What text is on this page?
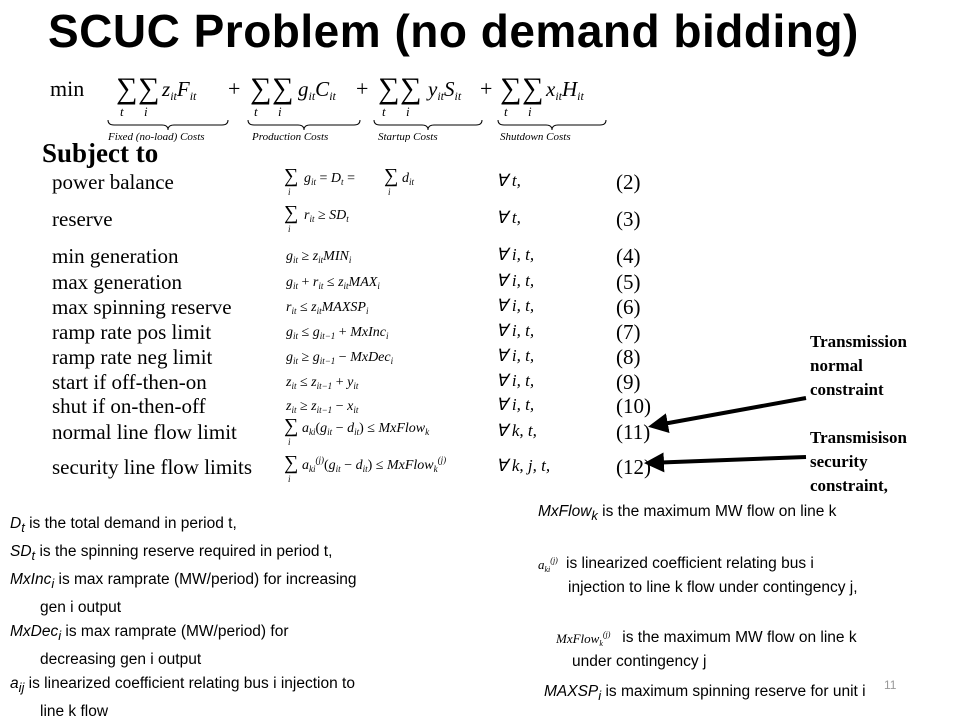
SCUC Problem (no demand bidding)
min ∑ ∑
t i
zitFit
Fixed (no-load) Costs
+ ∑ ∑
t i
gitCit
Production Costs
+ ∑ ∑
t i
yitSit
Startup Costs
+ ∑ ∑
t i
xitHit
Shutdown Costs
Subject to
power balance	∑
i
$g_{it} = D_t$ = ∑
i
$d_{it}$	∀ t,	(2)
reserve	∑
i
$r_{it} \ge SD_t$	∀ t,	(3)
min generation	$g_{it} \ge z_{it}MIN_i$	∀ i, t,	(4)
max generation	$g_{it} + r_{it} \le z_{it}MAX_i$	∀ i, t,	(5)
max spinning reserve	$r_{it}$ ≤ $z_{it}MAXSP_i$	∀ i, t,	(6)
ramp rate pos limit	$g_{it} \le g_{it-1}$ + MxInc$_i$	∀ i, t,	(7)
ramp rate neg limit	$g_{it} \ge g_{it-1}$ − MxDec$_i$	∀ i, t,	(8)
start if off-then-on	$z_{it} \le z_{it-1} + y_{it}$	∀ i, t,	(9)
shut if on-then-off	$z_{it} \ge z_{it-1} - x_{it}$	∀ i, t,	(10)
normal line flow limit ∑
i
$a_{ki}(g_{it} - d_{it})$ ≤ MxFlow$_k$	∀ k, t,	(11)
security line flow limits ∑
i
$a_{ki}^{(j)}(g_{it} - d_{it})$ ≤ MxFlow$_k^{(j)}$	∀ k, j, t,	(12)
Transmission
normal
constraint
Transmisison
security
constraint,
$D_t$ is the total demand in period t,
$SD_t$ is the spinning reserve required in period t,
MxInc$_i$ is max ramprate (MW/period) for increasing
gen i output
MxDec$_i$ is max ramprate (MW/period) for
decreasing gen i output
$a_{ij}$ is linearized coefficient relating bus i injection to
line k flow
MxFlow$_k$ is the maximum MW flow on line k
$a_{ki}^{(j)}$ is linearized coefficient relating bus i
injection to line k flow under contingency j,
MxFlow$_k^{(j)}$ is the maximum MW flow on line k
under contingency j
$MAXSP_i$ is maximum spinning reserve for unit i 11
